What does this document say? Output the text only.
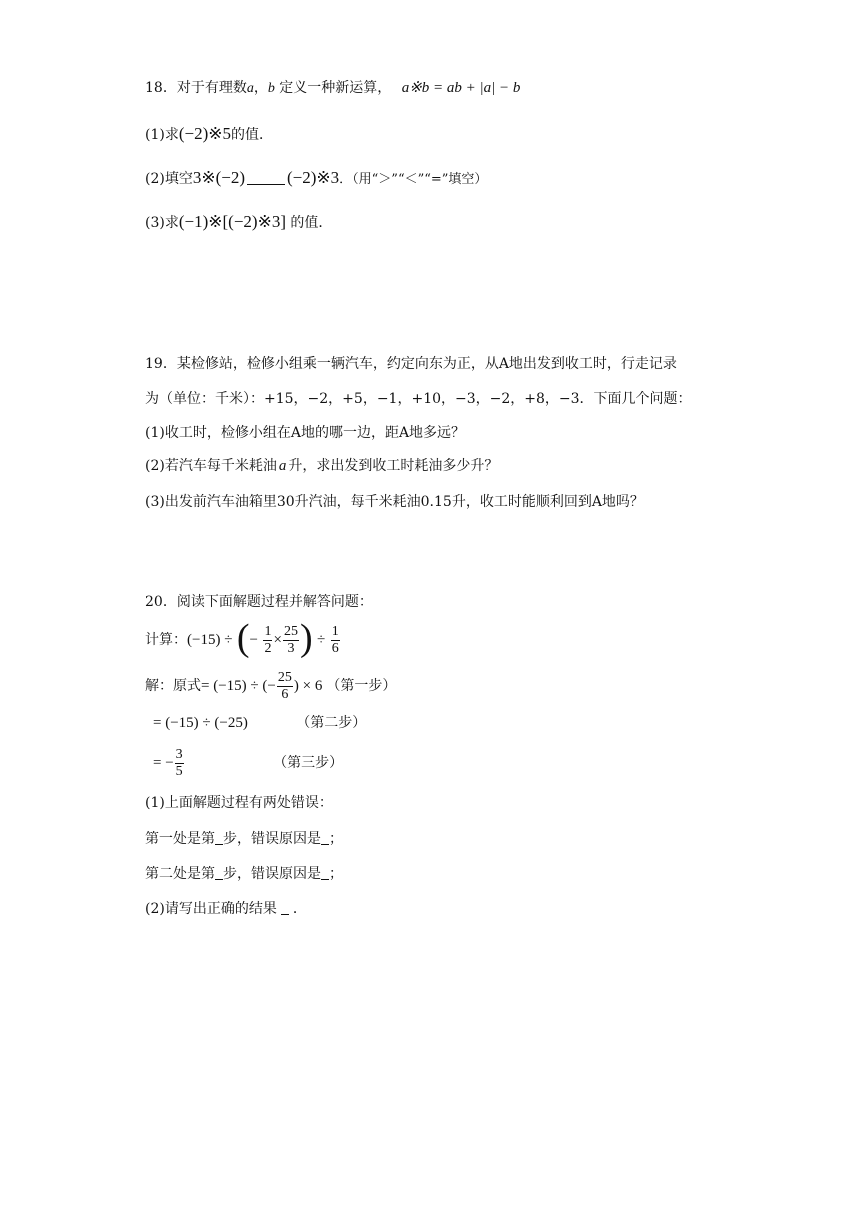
18．对于有理数a，b 定义一种新运算， a※b = ab + |a| − b
(1)求(−2)※5的值．
(2)填空3※(−2) (−2)※3．（用“＞”“＜”“=”填空）
(3)求(−1)※[(−2)※3] 的值．
19．某检修站，检修小组乘一辆汽车，约定向东为正，从A地出发到收工时，行走记录
为（单位：千米）：+15，−2，+5，−1，+10，−3，−2，+8，−3．下面几个问题：
(1)收工时，检修小组在A地的哪一边，距A地多远？
(2)若汽车每千米耗油 a 升，求出发到收工时耗油多少升？
(3)出发前汽车油箱里30升汽油，每千米耗油0.15升，收工时能顺利回到A地吗？
20．阅读下面解题过程并解答问题：
计算：(−15) ÷ (− $\frac{1}{2} \times \frac{25}{3}$ ) ÷ $\frac{1}{6}$
解：原式= (−15) ÷ (− $\frac{25}{6}$ ) × 6 （第一步）
= (−15) ÷ (−25)	（第二步）
= − $\frac{3}{5}$	（第三步）
(1)上面解题过程有两处错误：
第一处是第 步，错误原因是 ；
第二处是第 步，错误原因是 ；
(2)请写出正确的结果 ．
